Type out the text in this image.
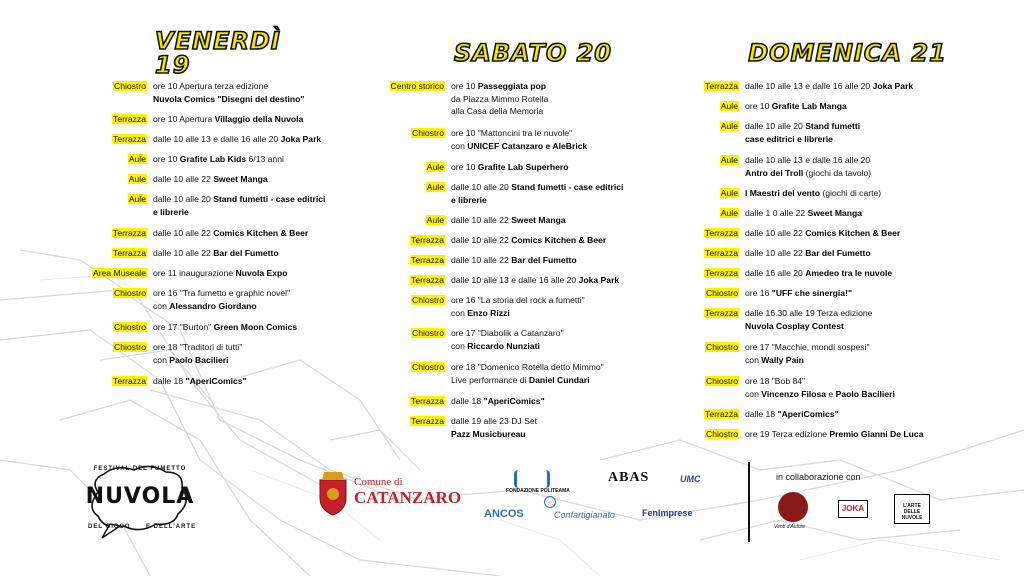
VENERDÌ 19	SABATO 20	DOMENICA 21
Chiostro ore 10 Apertura terza edizione
Nuvola Comics "Disegni del destino"
Terrazza ore 10 Apertura Villaggio della Nuvola
Terrazza dalle 10 alle 13 e dalle 16 alle 20 Joka Park
Aule ore 10 Grafite Lab Kids 6/13 anni
Aule dalle 10 alle 22 Sweet Manga
Aule dalle 10 alle 20 Stand fumetti - case editrici
e librerie
Terrazza dalle 10 alle 22 Comics Kitchen & Beer
Terrazza dalle 10 alle 22 Bar del Fumetto
Area Museale ore 11 inaugurazione Nuvola Expo
Chiostro ore 16 "Tra fumetto e graphic novel"
con Alessandro Giordano
Chiostro ore 17 "Burton" Green Moon Comics
Chiostro ore 18 "Traditori di tutti"
con Paolo Bacilieri
Terrazza dalle 18 "AperiComics"
Centro storico ore 10 Passeggiata pop
da Piazza Mimmo Rotella
alla Casa della Memoria
Chiostro ore 10 "Mattoncini tra le nuvole"
con UNICEF Catanzaro e AleBrick
Aule ore 10 Grafite Lab Superhero
Aule dalle 10 alle 20 Stand fumetti - case editrici
e librerie
Aule dalle 10 alle 22 Sweet Manga
Terrazza dalle 10 alle 22 Comics Kitchen & Beer
Terrazza dalle 10 alle 22 Bar del Fumetto
Terrazza dalle 10 alle 13 e dalle 16 alle 20 Joka Park
Chiostro ore 16 "La storia del rock a fumetti"
con Enzo Rizzi
Chiostro ore 17 "Diabolik a Catanzaro"
con Riccardo Nunziati
Chiostro ore 18 "Domenico Rotella detto Mimmo"
Live performance di Daniel Cundari
Terrazza dalle 18 "AperiComics"
Terrazza dalle 19 alle 23 DJ Set
Pazz Musicbureau
Terrazza dalle 10 alle 13 e dalle 16 alle 20 Joka Park
Aule ore 10 Grafite Lab Manga
Aule dalle 10 alle 20 Stand fumetti
case editrici e librerie
Aule dalle 10 alle 13 e dalle 16 alle 20
Antro del Troll (giochi da tavolo)
Aule I Maestri del vento (giochi di carte)
Aule dalle 1 0 alle 22 Sweet Manga
Terrazza dalle 10 alle 22 Comics Kitchen & Beer
Terrazza dalle 10 alle 22 Bar del Fumetto
Terrazza dalle 16 alle 20 Amedeo tra le nuvole
Chiostro ore 16 "UFF che sinergia!"
Terrazza dalle 16.30 alle 19 Terza edizione
Nuvola Cosplay Contest
Chiostro ore 17 "Macchie, mondi sospesi"
con Wally Pain
Chiostro ore 18 "Bob 84"
con Vincenzo Filosa e Paolo Bacilieri
Terrazza dalle 18 "AperiComics"
Chiostro ore 19 Terza edizione Premio Gianni De Luca
FESTIVAL DEL FUMETTO
NUVOLA
DEL GIOCO	E DELL'ARTE
Comune di
CATANZARO	FONDAZIONE POLITEAMA
ABAS	UMC
ANCOS	Confartigianato	FenImprese
in collaborazione con
Venti d'Autore
JOKA	L'ARTE DELLE NUVOLE
